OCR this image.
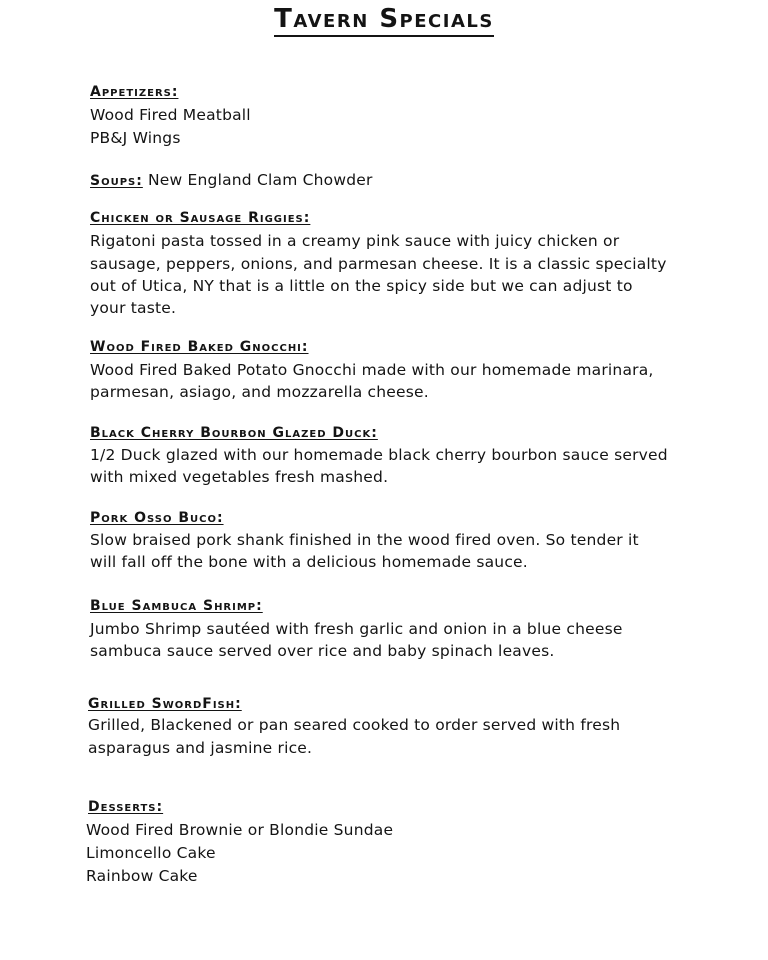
Tavern Specials
Appetizers:
Wood Fired Meatball
PB&J Wings
Soups: New England Clam Chowder
Chicken or Sausage Riggies:
Rigatoni pasta tossed in a creamy pink sauce with juicy chicken or
sausage, peppers, onions, and parmesan cheese. It is a classic specialty
out of Utica, NY that is a little on the spicy side but we can adjust to
your taste.
Wood Fired Baked Gnocchi:
Wood Fired Baked Potato Gnocchi made with our homemade marinara,
parmesan, asiago, and mozzarella cheese.
Black Cherry Bourbon Glazed Duck:
1/2 Duck glazed with our homemade black cherry bourbon sauce served
with mixed vegetables fresh mashed.
Pork Osso Buco:
Slow braised pork shank finished in the wood fired oven. So tender it
will fall off the bone with a delicious homemade sauce.
Blue Sambuca Shrimp:
Jumbo Shrimp sautéed with fresh garlic and onion in a blue cheese
sambuca sauce served over rice and baby spinach leaves.
Grilled SwordFish:
Grilled, Blackened or pan seared cooked to order served with fresh
asparagus and jasmine rice.
Desserts:
Wood Fired Brownie or Blondie Sundae
Limoncello Cake
Rainbow Cake
